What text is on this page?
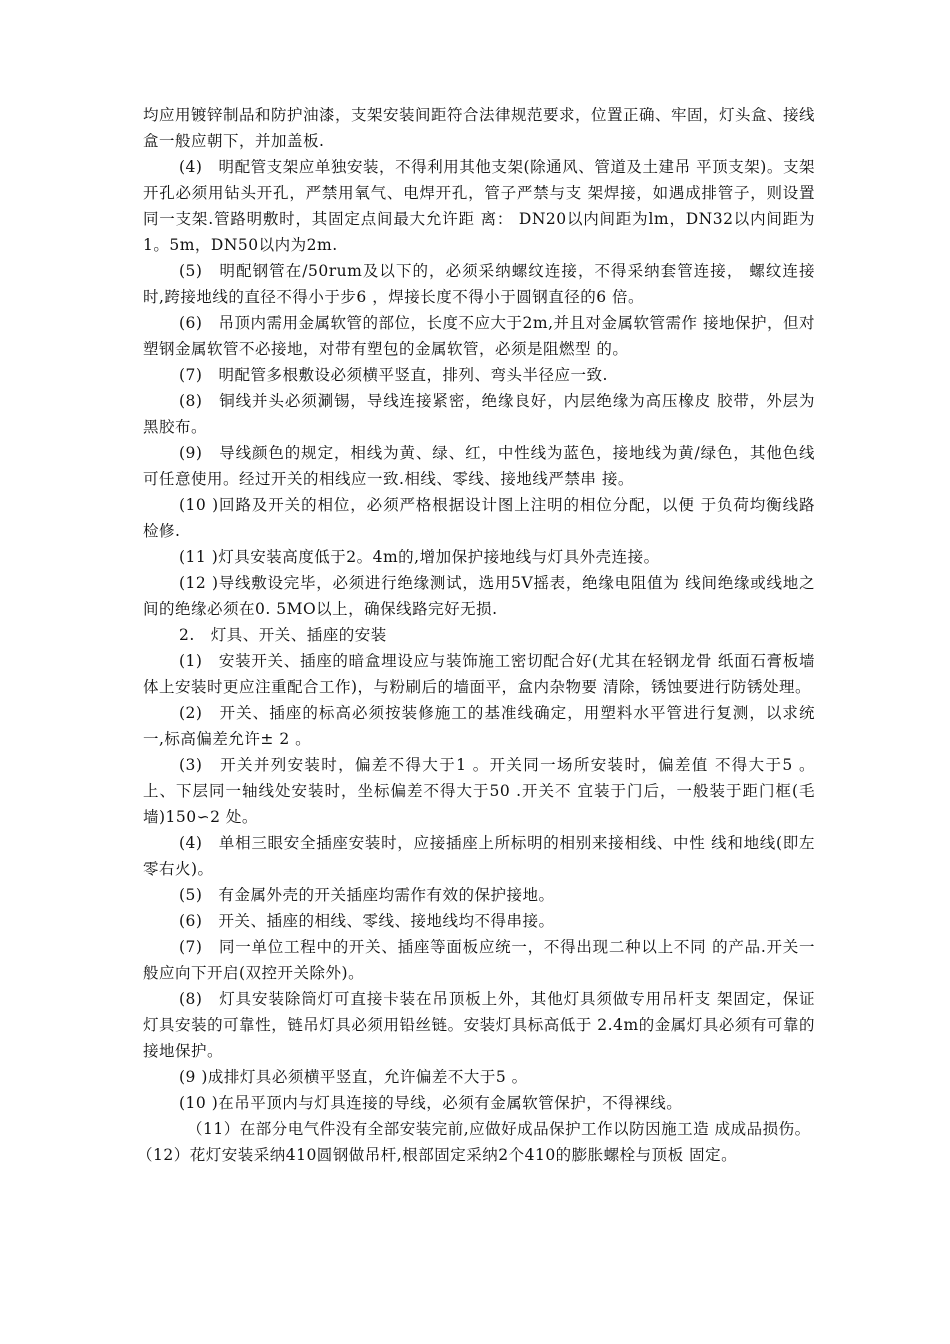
均应用镀锌制品和防护油漆，支架安装间距符合法律规范要求，位置正确、牢固，灯头盒、接线盒一般应朝下，并加盖板.

(4)　明配管支架应单独安装，不得利用其他支架(除通风、管道及土建吊 平顶支架)。支架开孔必须用钻头开孔，严禁用氧气、电焊开孔，管子严禁与支 架焊接，如遇成排管子，则设置同一支架.管路明敷时，其固定点间最大允许距 离： DN20以内间距为lm，DN32以内间距为1。5m，DN50以内为2m.

(5)　明配钢管在/50rum及以下的，必须采纳螺纹连接，不得采纳套管连接， 螺纹连接时,跨接地线的直径不得小于步6 ，焊接长度不得小于圆钢直径的6 倍。

(6)　吊顶内需用金属软管的部位，长度不应大于2m,并且对金属软管需作 接地保护，但对塑钢金属软管不必接地，对带有塑包的金属软管，必须是阻燃型 的。

(7)　明配管多根敷设必须横平竖直，排列、弯头半径应一致.

(8)　铜线并头必须涮锡，导线连接紧密，绝缘良好，内层绝缘为高压橡皮 胶带，外层为黑胶布。

(9)　导线颜色的规定，相线为黄、绿、红，中性线为蓝色，接地线为黄/绿色，其他色线可任意使用。经过开关的相线应一致.相线、零线、接地线严禁串 接。

(10 )回路及开关的相位，必须严格根据设计图上注明的相位分配，以便 于负荷均衡线路检修.

(11 )灯具安装高度低于2。4m的,增加保护接地线与灯具外壳连接。

(12 )导线敷设完毕，必须进行绝缘测试，选用5V摇表，绝缘电阻值为 线间绝缘或线地之间的绝缘必须在0. 5MO以上，确保线路完好无损.

2.　灯具、开关、插座的安装

(1)　安装开关、插座的暗盒埋设应与装饰施工密切配合好(尤其在轻钢龙骨 纸面石膏板墙体上安装时更应注重配合工作)，与粉刷后的墙面平，盒内杂物要 清除，锈蚀要进行防锈处理。

(2)　开关、插座的标高必须按装修施工的基准线确定，用塑料水平管进行复测，以求统一,标高偏差允许± 2 。

(3)　开关并列安装时，偏差不得大于1 。开关同一场所安装时，偏差值 不得大于5 。上、下层同一轴线处安装时，坐标偏差不得大于50 .开关不 宜装于门后，一般装于距门框(毛墙)150∽2 处。

(4)　单相三眼安全插座安装时，应接插座上所标明的相别来接相线、中性 线和地线(即左零右火)。

(5)　有金属外壳的开关插座均需作有效的保护接地。

(6)　开关、插座的相线、零线、接地线均不得串接。

(7)　同一单位工程中的开关、插座等面板应统一，不得出现二种以上不同 的产品.开关一般应向下开启(双控开关除外)。

(8)　灯具安装除筒灯可直接卡装在吊顶板上外，其他灯具须做专用吊杆支 架固定，保证灯具安装的可靠性，链吊灯具必须用铅丝链。安装灯具标高低于 2.4m的金属灯具必须有可靠的接地保护。

(9 )成排灯具必须横平竖直，允许偏差不大于5 。

(10 )在吊平顶内与灯具连接的导线，必须有金属软管保护，不得裸线。

（11）在部分电气件没有全部安装完前,应做好成品保护工作以防因施工造 成成品损伤。

（12）花灯安装采纳410圆钢做吊杆,根部固定采纳2个410的膨胀螺栓与顶板 固定。
